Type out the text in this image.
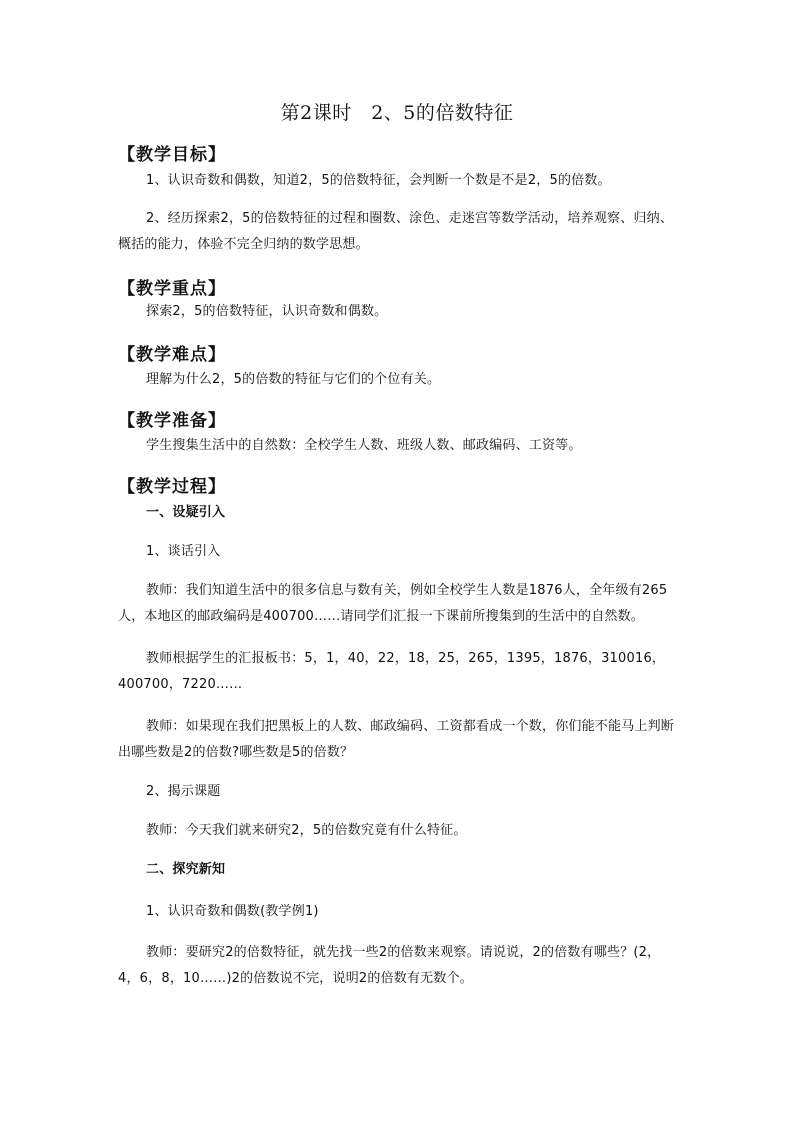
第2课时　2、5的倍数特征
【教学目标】
1、认识奇数和偶数，知道2，5的倍数特征，会判断一个数是不是2，5的倍数。
2、经历探索2，5的倍数特征的过程和圈数、涂色、走迷宫等数学活动，培养观察、归纳、概括的能力，体验不完全归纳的数学思想。
【教学重点】
探索2，5的倍数特征，认识奇数和偶数。
【教学难点】
理解为什么2，5的倍数的特征与它们的个位有关。
【教学准备】
学生搜集生活中的自然数：全校学生人数、班级人数、邮政编码、工资等。
【教学过程】
一、设疑引入
1、谈话引入
教师：我们知道生活中的很多信息与数有关，例如全校学生人数是1876人，全年级有265人，本地区的邮政编码是400700……请同学们汇报一下课前所搜集到的生活中的自然数。
教师根据学生的汇报板书：5，1，40，22，18，25，265，1395，1876，310016，400700，7220……
教师：如果现在我们把黑板上的人数、邮政编码、工资都看成一个数，你们能不能马上判断出哪些数是2的倍数?哪些数是5的倍数？
2、揭示课题
教师：今天我们就来研究2，5的倍数究竟有什么特征。
二、探究新知
1、认识奇数和偶数(教学例1)
教师：要研究2的倍数特征，就先找一些2的倍数来观察。请说说，2的倍数有哪些？(2，4，6，8，10……)2的倍数说不完，说明2的倍数有无数个。
